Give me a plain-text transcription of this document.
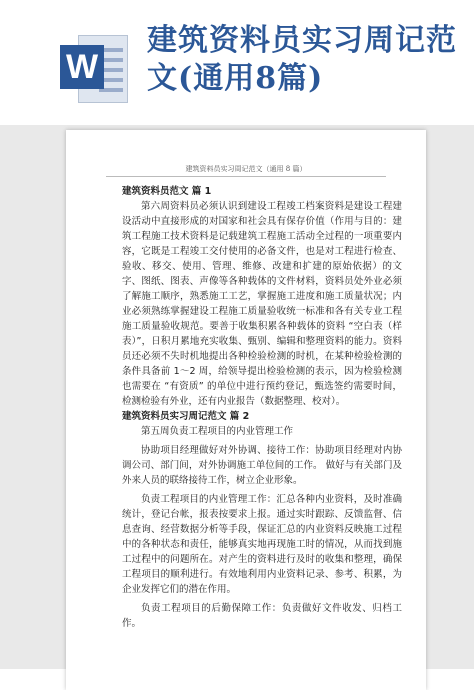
W
建筑资料员实习周记范文(通用8篇)
建筑资料员实习周记范文（通用 8 篇）

建筑资料员范文 篇 1

第六周资料员必须认识到建设工程竣工档案资料是建设工程建设活动中直接形成的对国家和社会具有保存价值（作用与目的：建筑工程施工技术资料是记载建筑工程施工活动全过程的一项重要内容，它既是工程竣工交付使用的必备文件，也是对工程进行检查、验收、移交、使用、管理、维修、改建和扩建的原始依据）的文字、图纸、图表、声像等各种载体的文件材料，资料员处外业必须了解施工顺序，熟悉施工工艺，掌握施工进度和施工质量状况；内业必须熟练掌握建设工程施工质量验收统一标准和各有关专业工程施工质量验收规范。要善于收集积累各种载体的资料 “空白表（样表）”，日积月累地充实收集、甄别、编辑和整理资料的能力。资料员还必须不失时机地提出各种检验检测的时机，在某种检验检测的条件具备前 1～2 周，给领导提出检验检测的表示，因为检验检测也需要在 “有资质” 的单位中进行预约登记，甄选签约需要时间，检测检验有外业，还有内业报告（数据整理、校对）。

建筑资料员实习周记范文 篇 2

第五周负责工程项目的内业管理工作

协助项目经理做好对外协调、接待工作：协助项目经理对内协调公司、部门间，对外协调施工单位间的工作。 做好与有关部门及外来人员的联络接待工作，树立企业形象。

负责工程项目的内业管理工作：汇总各种内业资料，及时准确统计，登记台帐，报表按要求上报。通过实时跟踪、反馈监督、信息查询、经营数据分析等手段，保证汇总的内业资料反映施工过程中的各种状态和责任，能够真实地再现施工时的情况，从而找到施工过程中的问题所在。对产生的资料进行及时的收集和整理，确保工程项目的顺利进行。有效地利用内业资料记录、参考、积累，为企业发挥它们的潜在作用。

负责工程项目的后勤保障工作：负责做好文件收发、归档工作。
